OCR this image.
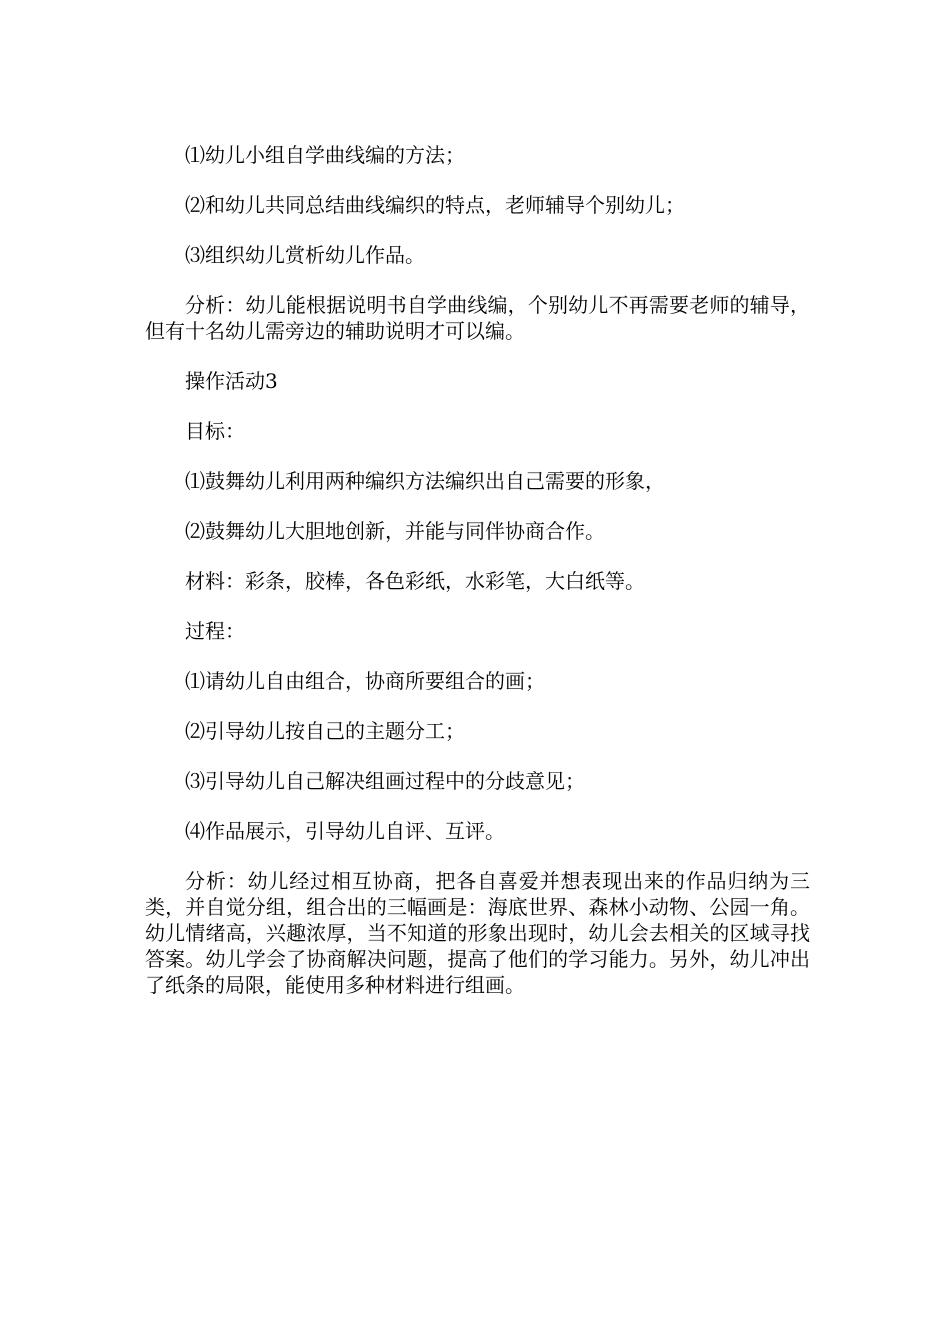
⑴幼儿小组自学曲线编的方法；

⑵和幼儿共同总结曲线编织的特点，老师辅导个别幼儿；

⑶组织幼儿赏析幼儿作品。

分析：幼儿能根据说明书自学曲线编，个别幼儿不再需要老师的辅导，但有十名幼儿需旁边的辅助说明才可以编。

操作活动3

目标：

⑴鼓舞幼儿利用两种编织方法编织出自己需要的形象，

⑵鼓舞幼儿大胆地创新，并能与同伴协商合作。

材料：彩条，胶棒，各色彩纸，水彩笔，大白纸等。

过程：

⑴请幼儿自由组合，协商所要组合的画；

⑵引导幼儿按自己的主题分工；

⑶引导幼儿自己解决组画过程中的分歧意见；

⑷作品展示，引导幼儿自评、互评。

分析：幼儿经过相互协商，把各自喜爱并想表现出来的作品归纳为三类，并自觉分组，组合出的三幅画是：海底世界、森林小动物、公园一角。幼儿情绪高，兴趣浓厚，当不知道的形象出现时，幼儿会去相关的区域寻找答案。幼儿学会了协商解决问题，提高了他们的学习能力。另外，幼儿冲出了纸条的局限，能使用多种材料进行组画。
